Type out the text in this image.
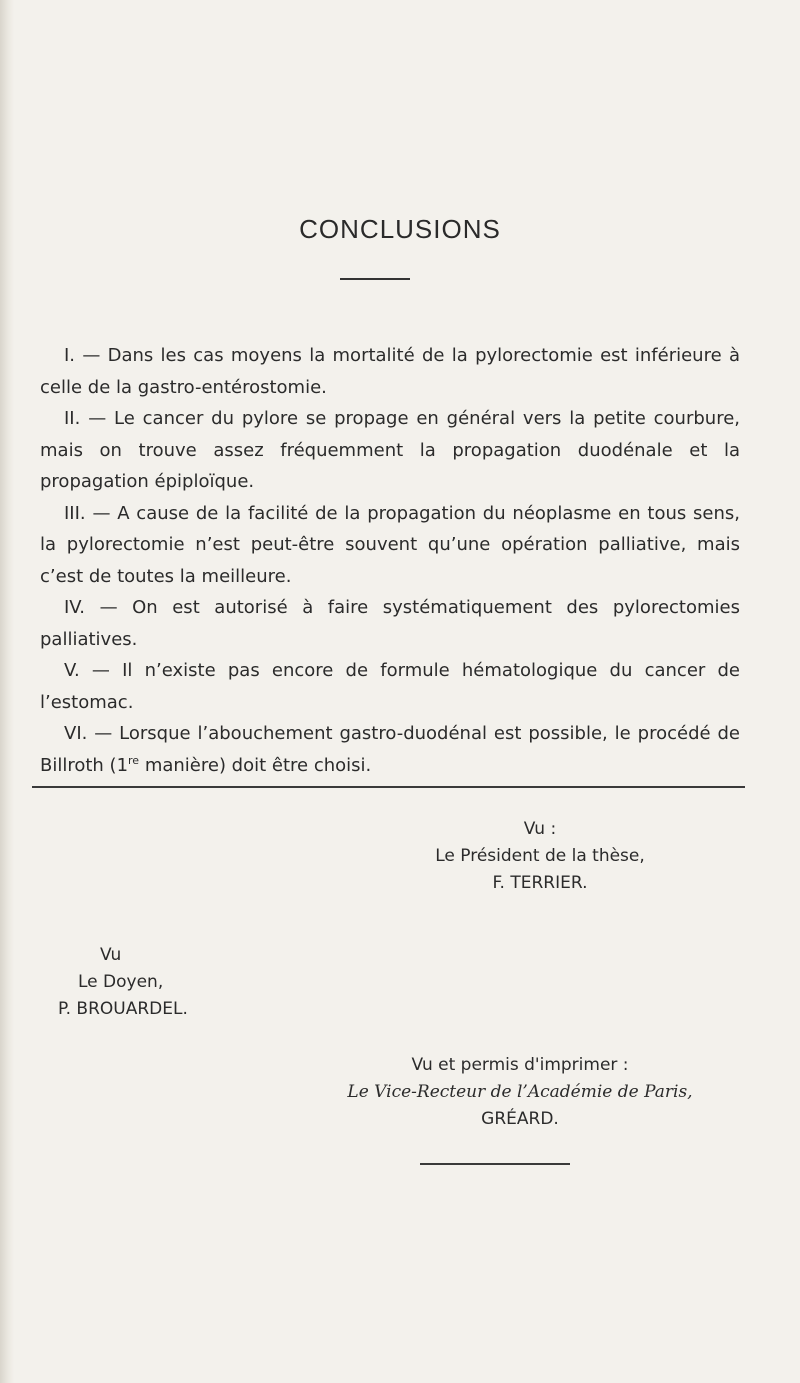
CONCLUSIONS

I. — Dans les cas moyens la mortalité de la pylorectomie est inférieure à celle de la gastro-entérostomie.

II. — Le cancer du pylore se propage en général vers la petite courbure, mais on trouve assez fréquemment la propagation duodénale et la propagation épiploïque.

III. — A cause de la facilité de la propagation du néoplasme en tous sens, la pylorectomie n’est peut-être souvent qu’une opération palliative, mais c’est de toutes la meilleure.

IV. — On est autorisé à faire systématiquement des pylorectomies palliatives.

V. — Il n’existe pas encore de formule hématologique du cancer de l’estomac.

VI. — Lorsque l’abouchement gastro-duodénal est possible, le procédé de Billroth (1re manière) doit être choisi.

Vu :
Le Président de la thèse,
F. TERRIER.
Vu
Le Doyen,
P. BROUARDEL.
Vu et permis d'imprimer :
Le Vice-Recteur de l’Académie de Paris,
GRÉARD.
